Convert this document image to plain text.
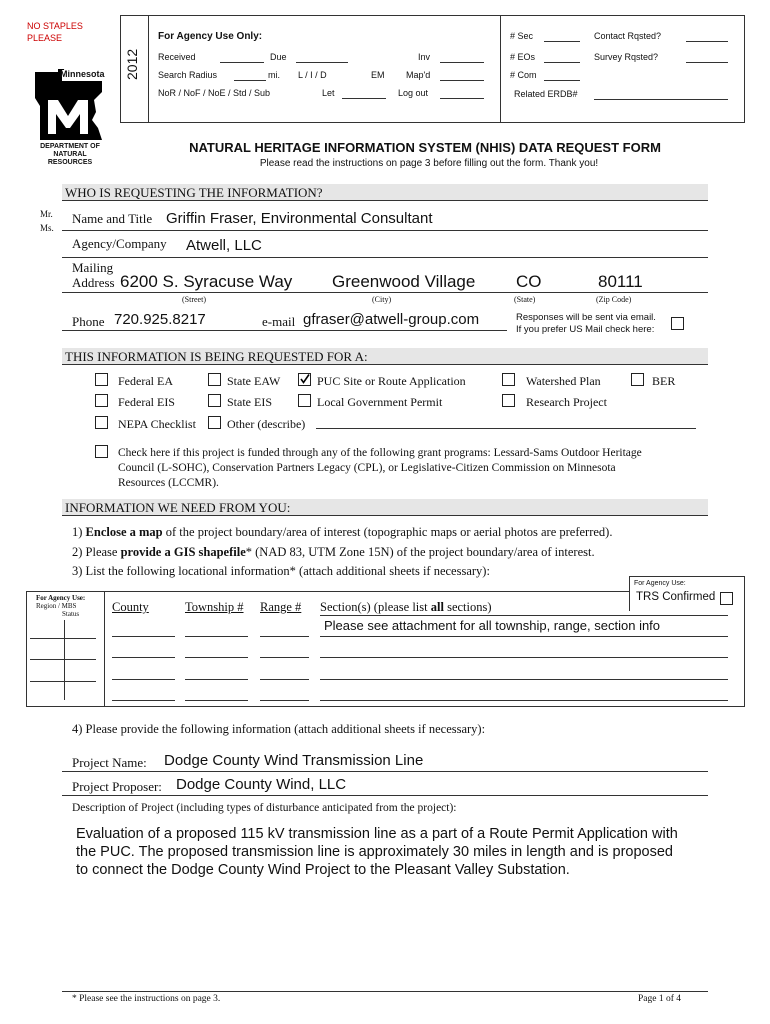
NO STAPLES
PLEASE
Minnesota
DEPARTMENT OF
NATURAL RESOURCES
2012
For Agency Use Only:
Received	Due	Inv
Search Radius	mi. L / I / D	EM Map'd
NoR / NoF / NoE / Std / Sub	Let	Log out
# Sec	Contact Rqsted?
# EOs	Survey Rqsted?
# Com
Related ERDB#
NATURAL HERITAGE INFORMATION SYSTEM (NHIS) DATA REQUEST FORM
Please read the instructions on page 3 before filling out the form. Thank you!
WHO IS REQUESTING THE INFORMATION?
Mr.
Ms.
Name and Title Griffin Fraser, Environmental Consultant
Agency/Company Atwell, LLC
Mailing
Address 6200 S. Syracuse Way Greenwood Village CO	80111
(Street)	(City)	(State)	(Zip Code)
Phone 720.925.8217	e-mail gfraser@atwell-group.com	Responses will be sent via email.
If you prefer US Mail check here:
THIS INFORMATION IS BEING REQUESTED FOR A:
Federal EA	State EAW	PUC Site or Route Application	Watershed Plan	BER
Federal EIS	State EIS	Local Government Permit	Research Project
NEPA Checklist	Other (describe)
Check here if this project is funded through any of the following grant programs: Lessard-Sams Outdoor Heritage
Council (L-SOHC), Conservation Partners Legacy (CPL), or Legislative-Citizen Commission on Minnesota
Resources (LCCMR).
INFORMATION WE NEED FROM YOU:
1) Enclose a map of the project boundary/area of interest (topographic maps or aerial photos are preferred).
2) Please provide a GIS shapefile* (NAD 83, UTM Zone 15N) of the project boundary/area of interest.
3) List the following locational information* (attach additional sheets if necessary):
For Agency Use:
Region / MBS
Status
For Agency Use:
TRS Confirmed
County	Township # Range # Section(s) (please list all sections)
Please see attachment for all township, range, section info
4) Please provide the following information (attach additional sheets if necessary):
Project Name: Dodge County Wind Transmission Line
Project Proposer: Dodge County Wind, LLC
Description of Project (including types of disturbance anticipated from the project):
Evaluation of a proposed 115 kV transmission line as a part of a Route Permit Application with
the PUC. The proposed transmission line is approximately 30 miles in length and is proposed
to connect the Dodge County Wind Project to the Pleasant Valley Substation.
* Please see the instructions on page 3.	Page 1 of 4
